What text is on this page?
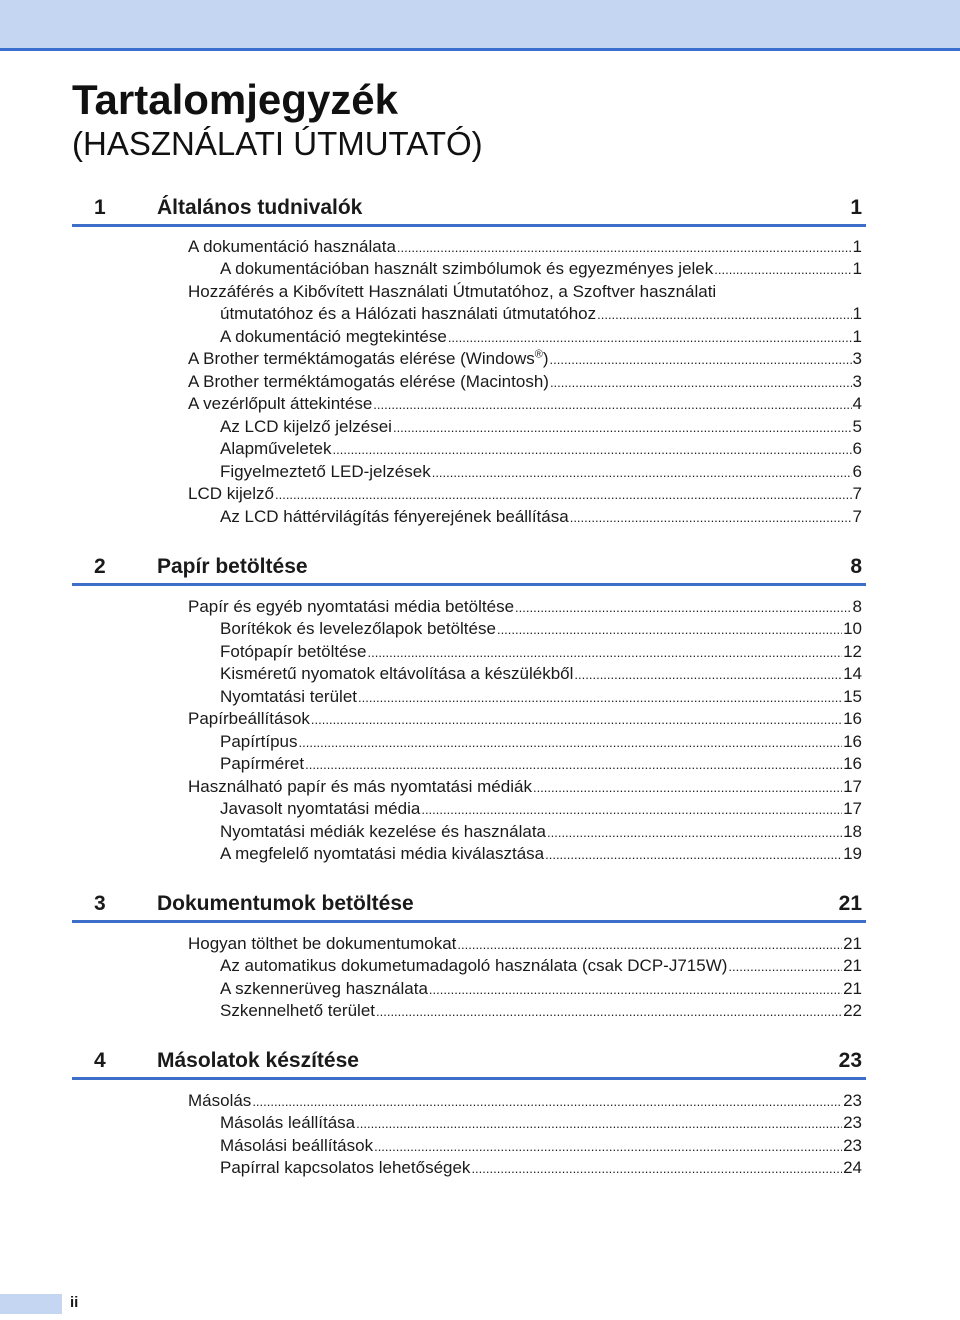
Tartalomjegyzék
(HASZNÁLATI ÚTMUTATÓ)
1 Általános tudnivalók	1
A dokumentáció használata .....	1
A dokumentációban használt szimbólumok és egyezményes jelek .....	1
Hozzáférés a Kibővített Használati Útmutatóhoz, a Szoftver használati
útmutatóhoz és a Hálózati használati útmutatóhoz .....	1
A dokumentáció megtekintése .....	1
A Brother terméktámogatás elérése (Windows®) .....	3
A Brother terméktámogatás elérése (Macintosh) .....	3
A vezérlőpult áttekintése .....	4
Az LCD kijelző jelzései .....	5
Alapműveletek .....	6
Figyelmeztető LED-jelzések .....	6
LCD kijelző .....	7
Az LCD háttérvilágítás fényerejének beállítása .....	7
2 Papír betöltése	8
Papír és egyéb nyomtatási média betöltése .....	8
Borítékok és levelezőlapok betöltése .....	10
Fotópapír betöltése .....	12
Kisméretű nyomatok eltávolítása a készülékből .....	14
Nyomtatási terület .....	15
Papírbeállítások .....	16
Papírtípus .....	16
Papírméret .....	16
Használható papír és más nyomtatási médiák .....	17
Javasolt nyomtatási média .....	17
Nyomtatási médiák kezelése és használata .....	18
A megfelelő nyomtatási média kiválasztása .....	19
3 Dokumentumok betöltése	21
Hogyan tölthet be dokumentumokat .....	21
Az automatikus dokumetumadagoló használata (csak DCP-J715W) .....	21
A szkennerüveg használata .....	21
Szkennelhető terület .....	22
4 Másolatok készítése	23
Másolás .....	23
Másolás leállítása .....	23
Másolási beállítások .....	23
Papírral kapcsolatos lehetőségek .....	24
ii
